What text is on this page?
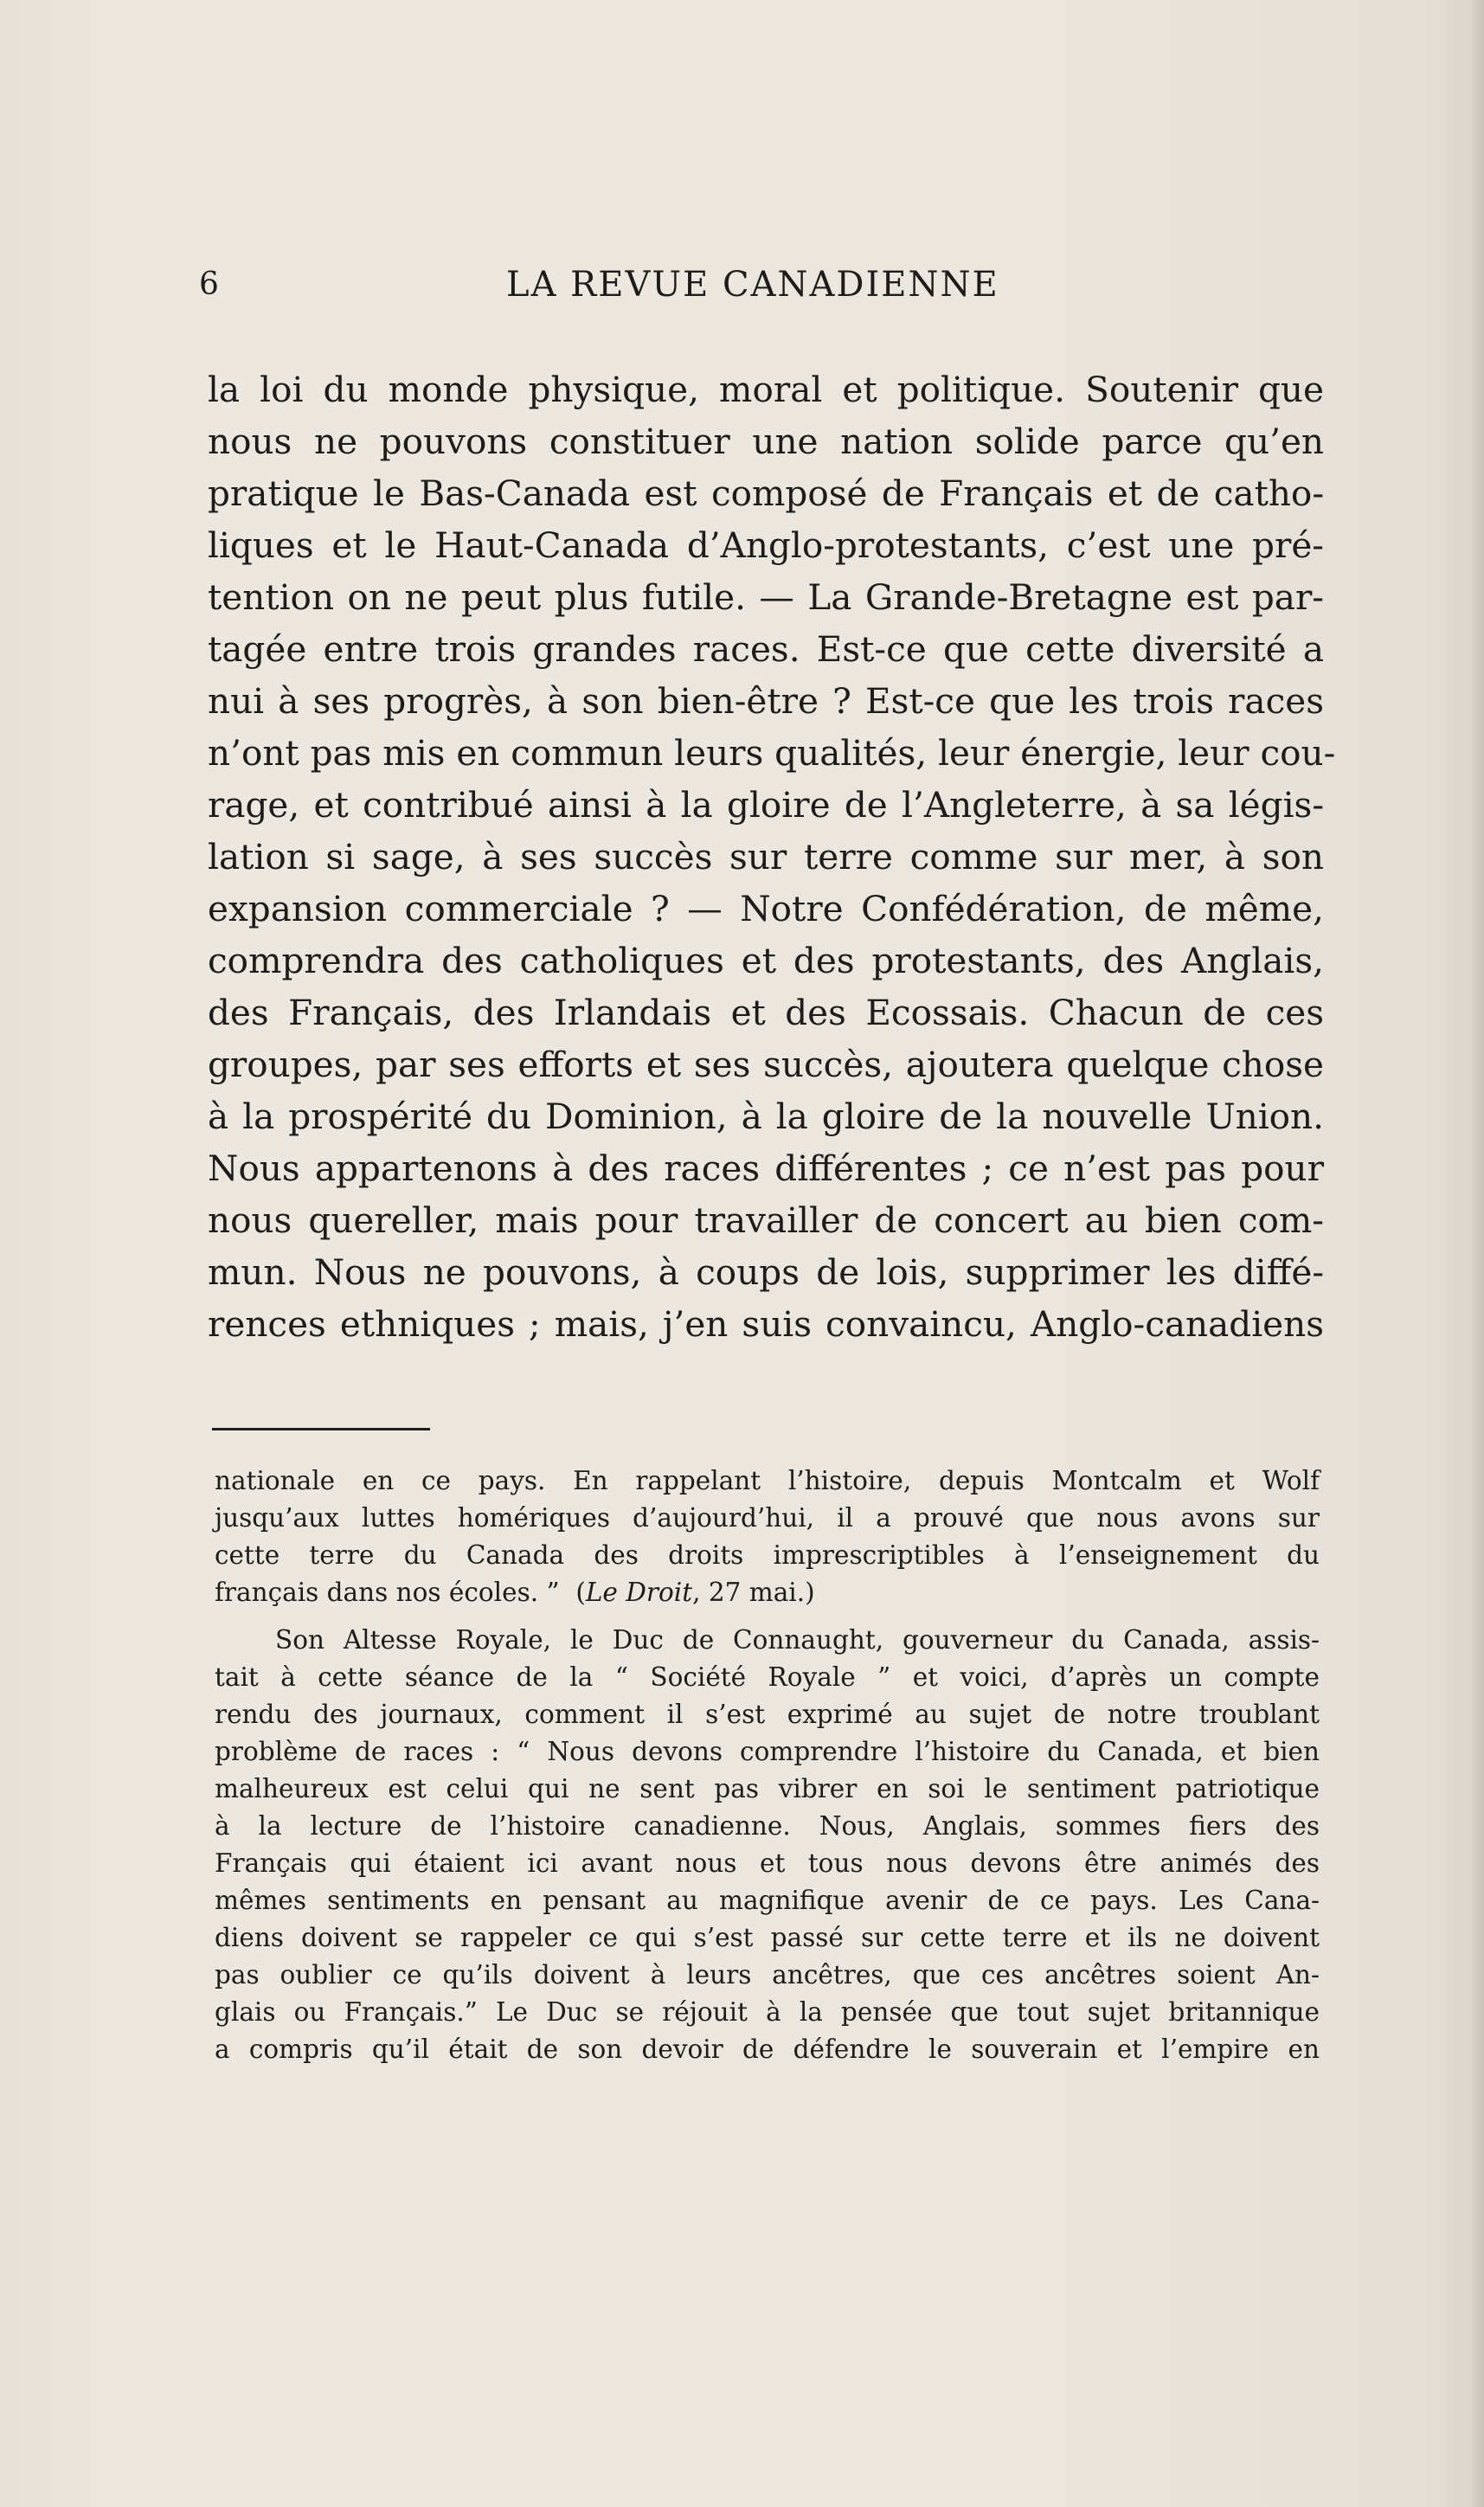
6	LA REVUE CANADIENNE
la loi du monde physique, moral et politique. Soutenir que
nous ne pouvons constituer une nation solide parce qu’en
pratique le Bas-Canada est composé de Français et de catho-
liques et le Haut-Canada d’Anglo-protestants, c’est une pré-
tention on ne peut plus futile. — La Grande-Bretagne est par-
tagée entre trois grandes races. Est-ce que cette diversité a
nui à ses progrès, à son bien-être ? Est-ce que les trois races
n’ont pas mis en commun leurs qualités, leur énergie, leur cou-
rage, et contribué ainsi à la gloire de l’Angleterre, à sa légis-
lation si sage, à ses succès sur terre comme sur mer, à son
expansion commerciale ? — Notre Confédération, de même,
comprendra des catholiques et des protestants, des Anglais,
des Français, des Irlandais et des Ecossais. Chacun de ces
groupes, par ses efforts et ses succès, ajoutera quelque chose
à la prospérité du Dominion, à la gloire de la nouvelle Union.
Nous appartenons à des races différentes ; ce n’est pas pour
nous quereller, mais pour travailler de concert au bien com-
mun. Nous ne pouvons, à coups de lois, supprimer les diffé-
rences ethniques ; mais, j’en suis convaincu, Anglo-canadiens
nationale en ce pays. En rappelant l’histoire, depuis Montcalm et Wolf
jusqu’aux luttes homériques d’aujourd’hui, il a prouvé que nous avons sur
cette terre du Canada des droits imprescriptibles à l’enseignement du
français dans nos écoles. ” (Le Droit, 27 mai.)
Son Altesse Royale, le Duc de Connaught, gouverneur du Canada, assis-
tait à cette séance de la “ Société Royale ” et voici, d’après un compte
rendu des journaux, comment il s’est exprimé au sujet de notre troublant
problème de races : “ Nous devons comprendre l’histoire du Canada, et bien
malheureux est celui qui ne sent pas vibrer en soi le sentiment patriotique
à la lecture de l’histoire canadienne. Nous, Anglais, sommes fiers des
Français qui étaient ici avant nous et tous nous devons être animés des
mêmes sentiments en pensant au magnifique avenir de ce pays. Les Cana-
diens doivent se rappeler ce qui s’est passé sur cette terre et ils ne doivent
pas oublier ce qu’ils doivent à leurs ancêtres, que ces ancêtres soient An-
glais ou Français.” Le Duc se réjouit à la pensée que tout sujet britannique
a compris qu’il était de son devoir de défendre le souverain et l’empire en
